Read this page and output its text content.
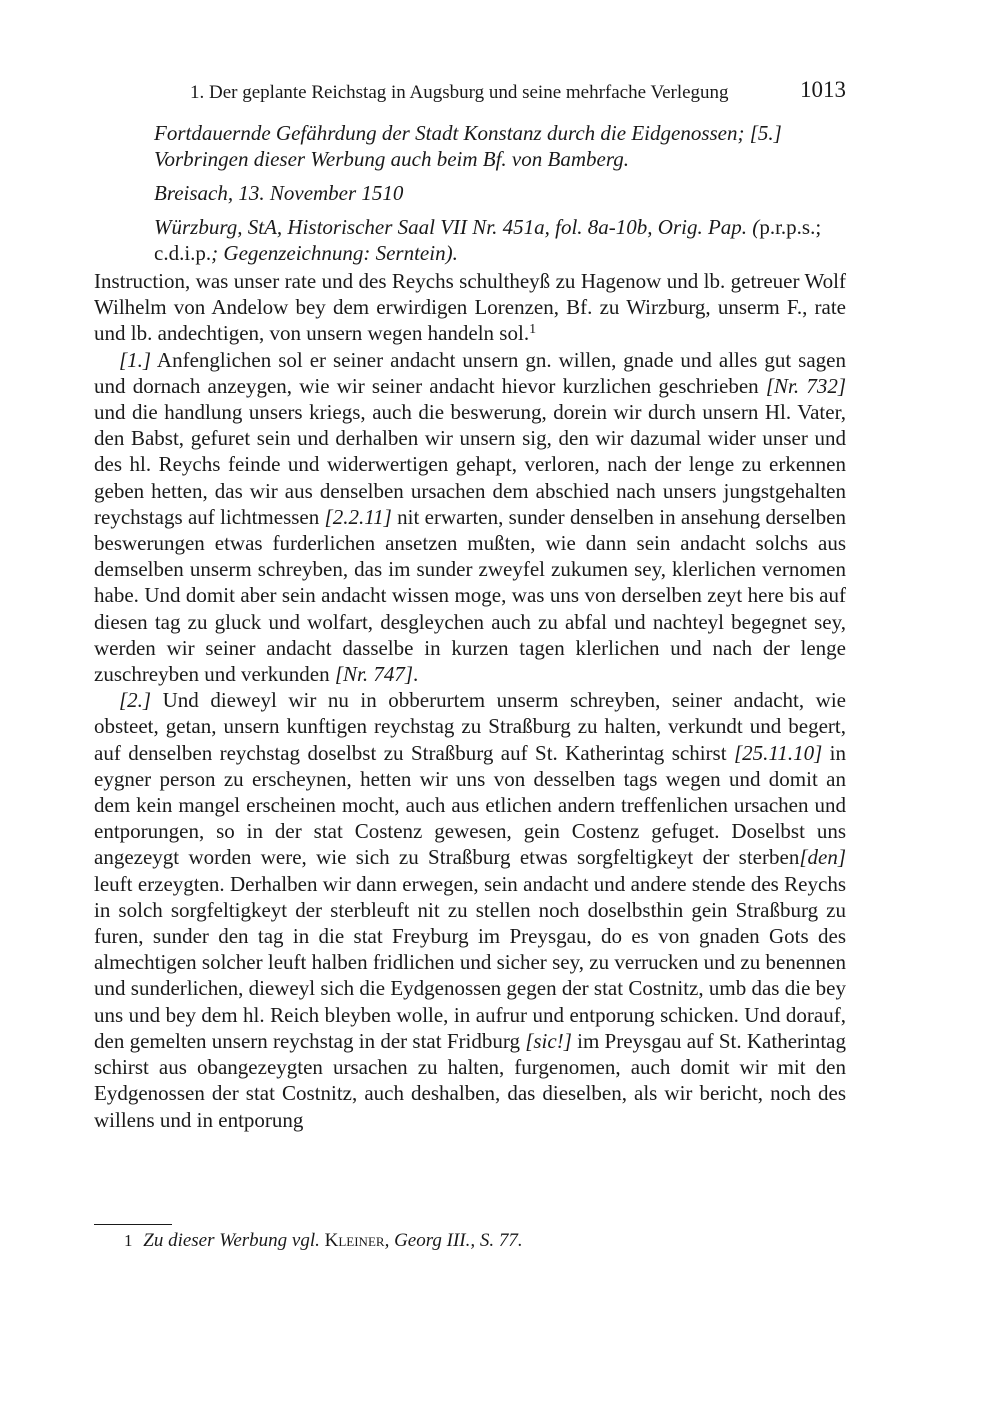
1. Der geplante Reichstag in Augsburg und seine mehrfache Verlegung	1013

Fortdauernde Gefährdung der Stadt Konstanz durch die Eidgenossen; [5.]
Vorbringen dieser Werbung auch beim Bf. von Bamberg.

Breisach, 13. November 1510

Würzburg, StA, Historischer Saal VII Nr. 451a, fol. 8a-10b, Orig. Pap. (p.r.p.s.;
c.d.i.p.; Gegenzeichnung: Serntein).

Instruction, was unser rate und des Reychs schultheyß zu Hagenow und lb. getreuer Wolf Wilhelm von Andelow bey dem erwirdigen Lorenzen, Bf. zu Wirzburg, unserm F., rate und lb. andechtigen, von unsern wegen handeln sol.$^1$

[1.] Anfenglichen sol er seiner andacht unsern gn. willen, gnade und alles gut sagen und dornach anzeygen, wie wir seiner andacht hievor kurzlichen geschrieben [Nr. 732] und die handlung unsers kriegs, auch die beswerung, dorein wir durch unsern Hl. Vater, den Babst, gefuret sein und derhalben wir unsern sig, den wir dazumal wider unser und des hl. Reychs feinde und widerwertigen gehapt, verloren, nach der lenge zu erkennen geben hetten, das wir aus denselben ursachen dem abschied nach unsers jungstgehalten reychstags auf lichtmessen [2.2.11] nit erwarten, sunder denselben in ansehung derselben beswerungen etwas furderlichen ansetzen mußten, wie dann sein andacht solchs aus demselben unserm schreyben, das im sunder zweyfel zukumen sey, klerlichen vernomen habe. Und domit aber sein andacht wissen moge, was uns von derselben zeyt here bis auf diesen tag zu gluck und wolfart, desgleychen auch zu abfal und nachteyl begegnet sey, werden wir seiner andacht dasselbe in kurzen tagen klerlichen und nach der lenge zuschreyben und verkunden [Nr. 747].

[2.] Und dieweyl wir nu in obberurtem unserm schreyben, seiner andacht, wie obsteet, getan, unsern kunftigen reychstag zu Straßburg zu halten, verkundt und begert, auf denselben reychstag doselbst zu Straßburg auf St. Katherintag schirst [25.11.10] in eygner person zu erscheynen, hetten wir uns von desselben tags wegen und domit an dem kein mangel erscheinen mocht, auch aus etlichen andern treffenlichen ursachen und entporungen, so in der stat Costenz gewesen, gein Costenz gefuget. Doselbst uns angezeygt worden were, wie sich zu Straßburg etwas sorgfeltigkeyt der sterben[den] leuft erzeygten. Derhalben wir dann erwegen, sein andacht und andere stende des Reychs in solch sorgfeltigkeyt der sterbleuft nit zu stellen noch doselbsthin gein Straßburg zu furen, sunder den tag in die stat Freyburg im Preysgau, do es von gnaden Gots des almechtigen solcher leuft halben fridlichen und sicher sey, zu verrucken und zu benennen und sunderlichen, dieweyl sich die Eydgenossen gegen der stat Costnitz, umb das die bey uns und bey dem hl. Reich bleyben wolle, in aufrur und entporung schicken. Und dorauf, den gemelten unsern reychstag in der stat Fridburg [sic!] im Preysgau auf St. Katherintag schirst aus obangezeygten ursachen zu halten, furgenomen, auch domit wir mit den Eydgenossen der stat Costnitz, auch deshalben, das dieselben, als wir bericht, noch des willens und in entporung

1 Zu dieser Werbung vgl. Kleiner, Georg III., S. 77.
